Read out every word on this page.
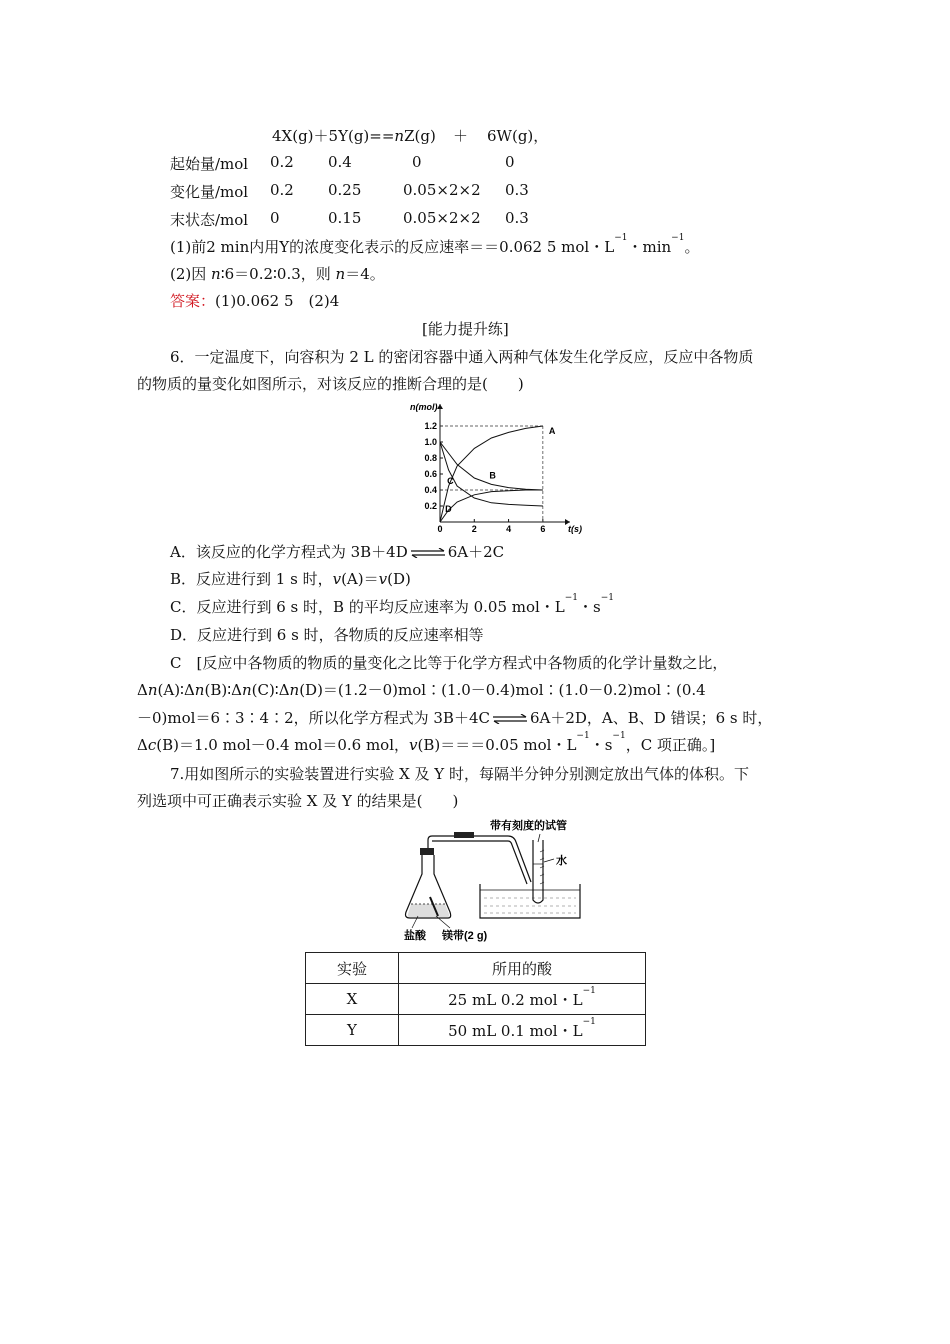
4X(g)＋5Y(g)==nZ(g) ＋ 6W(g)，
起始量/mol 0.2 0.4	0	0
变化量/mol 0.2 0.25	0.05×2×2 0.3
末状态/mol 0	0.15	0.05×2×2 0.3
(1)前2 min内用Y的浓度变化表示的反应速率＝＝0.062 5 mol・$L^{-1}$・$\min^{-1}$。
(2)因 n∶6＝0.2∶0.3，则 n＝4。
答案：(1)0.062 5　(2)4
[能力提升练]
6．一定温度下，向容积为 2 L 的密闭容器中通入两种气体发生化学反应，反应中各物质
的物质的量变化如图所示，对该反应的推断合理的是(　　)
0.2
0.4
0.6
0.8
1.0
1.2
0	2	4	6
n(mol)
t(s)
A
B
C
D
A．该反应的化学方程式为 3B＋4D ⇌ 6A＋2C
B．反应进行到 1 s 时，v(A)＝v(D)
C．反应进行到 6 s 时，B 的平均反应速率为 0.05 mol・$L^{-1}$・$s^{-1}$
D．反应进行到 6 s 时，各物质的反应速率相等
C　[反应中各物质的物质的量变化之比等于化学方程式中各物质的化学计量数之比，
Δn(A)∶Δn(B)∶Δn(C)∶Δn(D)＝(1.2－0)mol∶(1.0－0.4)mol∶(1.0－0.2)mol∶(0.4
－0)mol＝6∶3∶4∶2，所以化学方程式为 3B＋4C ⇌ 6A＋2D，A、B、D 错误；6 s 时，
Δc(B)＝1.0 mol－0.4 mol＝0.6 mol，v(B)＝＝＝0.05 mol・$L^{-1}$・$s^{-1}$，C 项正确。]
7.用如图所示的实验装置进行实验 X 及 Y 时，每隔半分钟分别测定放出气体的体积。下
列选项中可正确表示实验 X 及 Y 的结果是(　　)
带有刻度的试管
水
盐酸 镁带(2 g)
实验	所用的酸
X	25 mL 0.2 mol・$L^{-1}$
Y	50 mL 0.1 mol・$L^{-1}$
